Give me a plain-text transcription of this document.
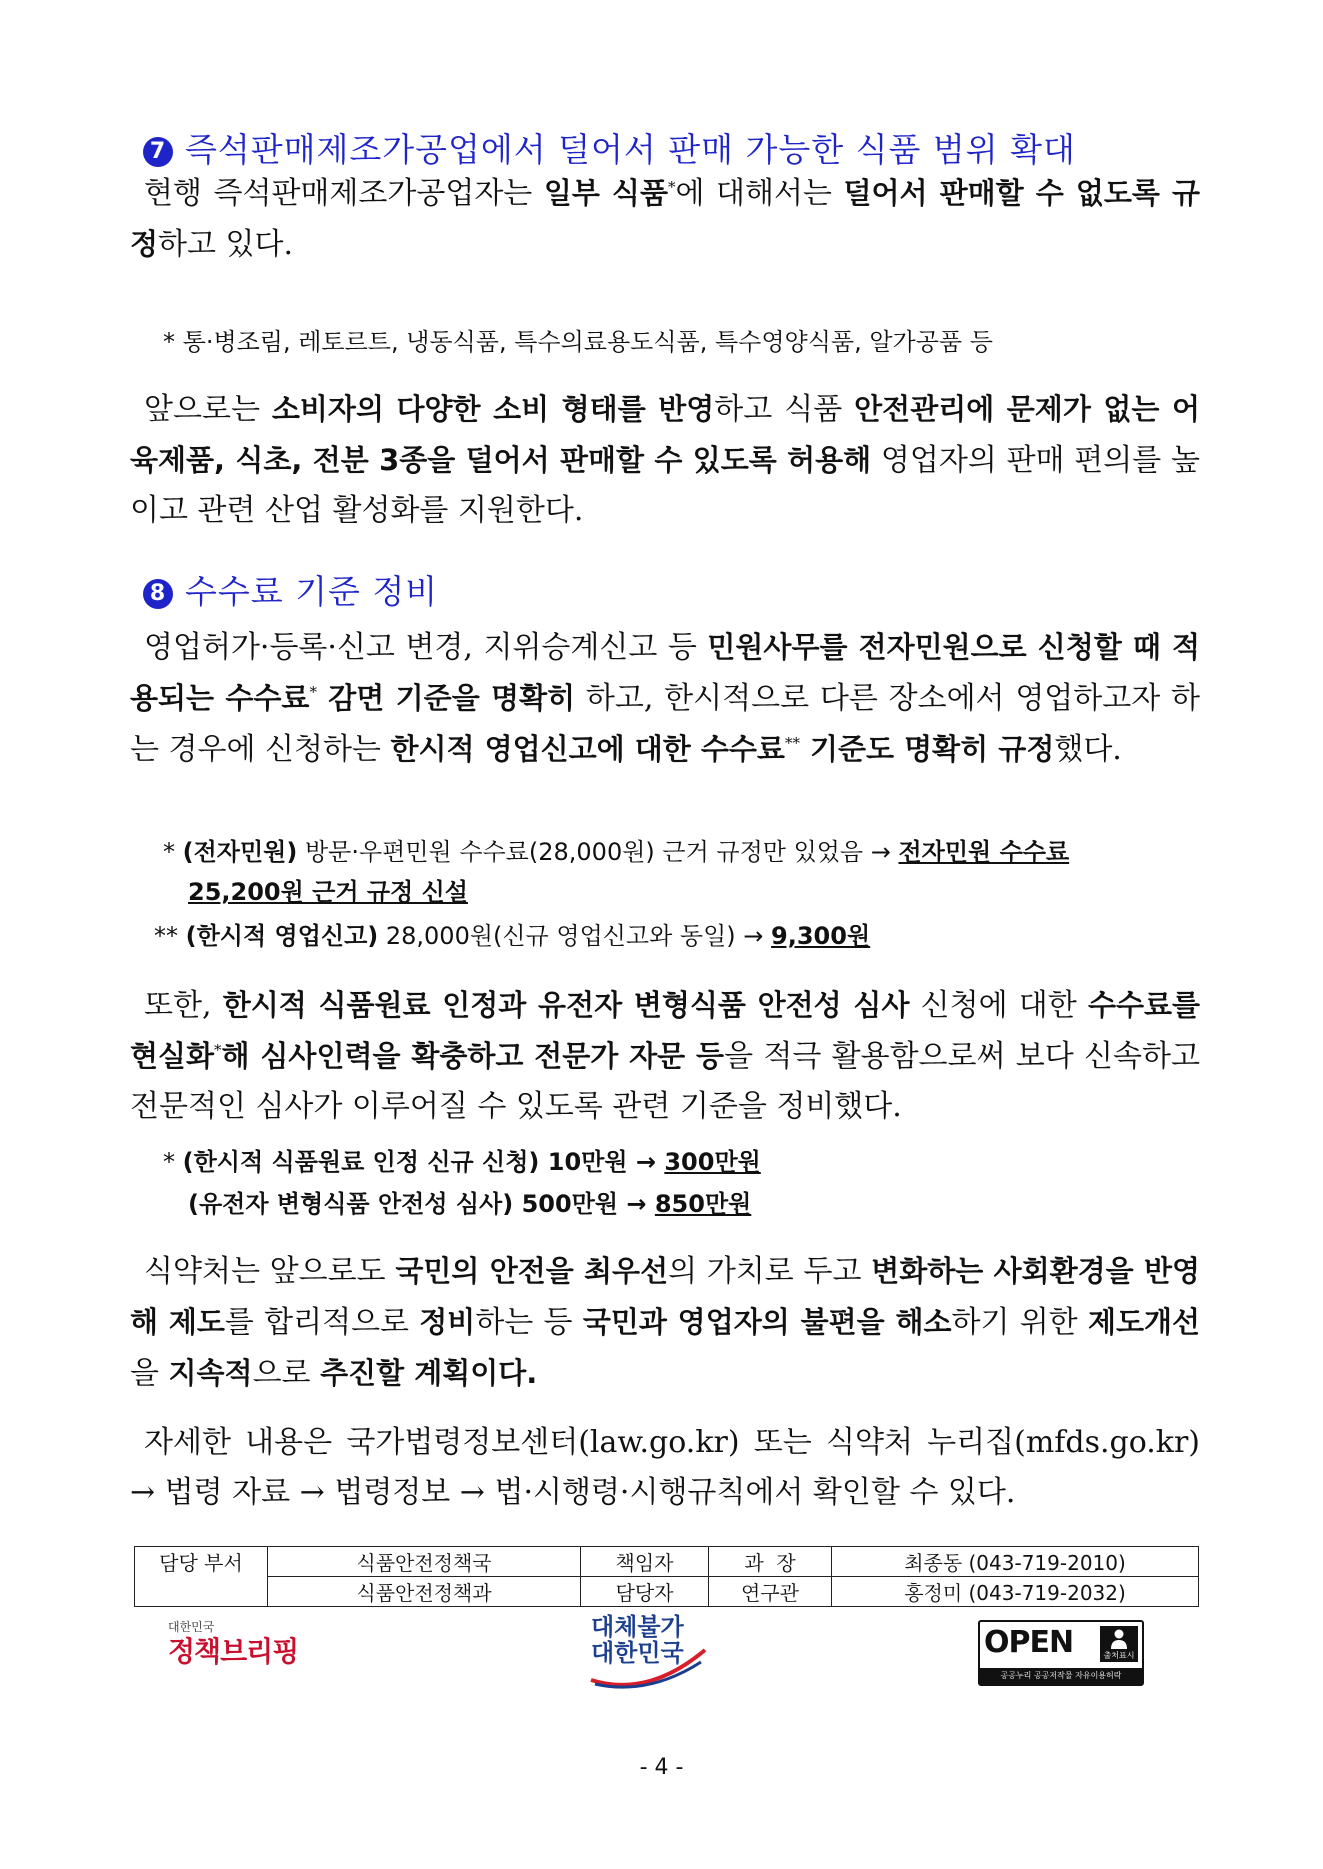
7 즉석판매제조가공업에서 덜어서 판매 가능한 식품 범위 확대
현행 즉석판매제조가공업자는 일부 식품*에 대해서는 덜어서 판매할 수 없도록 규정하고 있다.
* 통·병조림, 레토르트, 냉동식품, 특수의료용도식품, 특수영양식품, 알가공품 등
앞으로는 소비자의 다양한 소비 형태를 반영하고 식품 안전관리에 문제가 없는 어육제품, 식초, 전분 3종을 덜어서 판매할 수 있도록 허용해 영업자의 판매 편의를 높이고 관련 산업 활성화를 지원한다.
8 수수료 기준 정비
영업허가·등록·신고 변경, 지위승계신고 등 민원사무를 전자민원으로 신청할 때 적용되는 수수료* 감면 기준을 명확히 하고, 한시적으로 다른 장소에서 영업하고자 하는 경우에 신청하는 한시적 영업신고에 대한 수수료** 기준도 명확히 규정했다.
* (전자민원) 방문·우편민원 수수료(28,000원) 근거 규정만 있었음 → 전자민원 수수료
25,200원 근거 규정 신설
** (한시적 영업신고) 28,000원(신규 영업신고와 동일) → 9,300원
또한, 한시적 식품원료 인정과 유전자 변형식품 안전성 심사 신청에 대한 수수료를 현실화*해 심사인력을 확충하고 전문가 자문 등을 적극 활용함으로써 보다 신속하고 전문적인 심사가 이루어질 수 있도록 관련 기준을 정비했다.
* (한시적 식품원료 인정 신규 신청) 10만원 → 300만원
(유전자 변형식품 안전성 심사) 500만원 → 850만원
식약처는 앞으로도 국민의 안전을 최우선의 가치로 두고 변화하는 사회환경을 반영해 제도를 합리적으로 정비하는 등 국민과 영업자의 불편을 해소하기 위한 제도개선을 지속적으로 추진할 계획이다.
자세한 내용은 국가법령정보센터(law.go.kr) 또는 식약처 누리집(mfds.go.kr) → 법령 자료 → 법령정보 → 법·시행령·시행규칙에서 확인할 수 있다.
담당 부서	식품안전정책국	책임자	과  장	최종동 (043-719-2010)
	식품안전정책과	담당자	연구관	홍정미 (043-719-2032)
대한민국
정책브리핑
대체불가
대한민국	OPEN	출처표시
공공누리 공공저작물 자유이용허락
- 4 -
